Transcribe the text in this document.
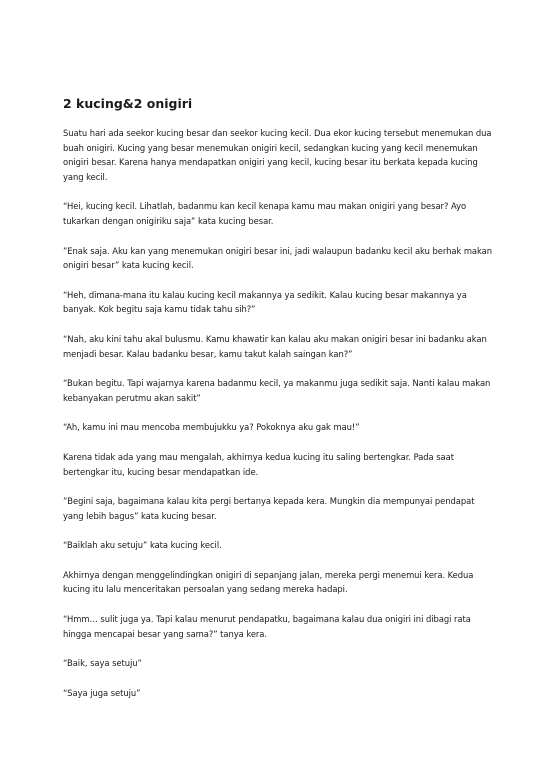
2 kucing&2 onigiri

Suatu hari ada seekor kucing besar dan seekor kucing kecil. Dua ekor kucing tersebut menemukan dua buah onigiri. Kucing yang besar menemukan onigiri kecil, sedangkan kucing yang kecil menemukan onigiri besar. Karena hanya mendapatkan onigiri yang kecil, kucing besar itu berkata kepada kucing yang kecil.

“Hei, kucing kecil. Lihatlah, badanmu kan kecil kenapa kamu mau makan onigiri yang besar? Ayo tukarkan dengan onigiriku saja” kata kucing besar.

”Enak saja. Aku kan yang menemukan onigiri besar ini, jadi walaupun badanku kecil aku berhak makan onigiri besar” kata kucing kecil.

“Heh, dimana-mana itu kalau kucing kecil makannya ya sedikit. Kalau kucing besar makannya ya banyak. Kok begitu saja kamu tidak tahu sih?”

“Nah, aku kini tahu akal bulusmu. Kamu khawatir kan kalau aku makan onigiri besar ini badanku akan menjadi besar. Kalau badanku besar, kamu takut kalah saingan kan?”

“Bukan begitu. Tapi wajarnya karena badanmu kecil, ya makanmu juga sedikit saja. Nanti kalau makan kebanyakan perutmu akan sakit”

“Ah, kamu ini mau mencoba membujukku ya? Pokoknya aku gak mau!”

Karena tidak ada yang mau mengalah, akhirnya kedua kucing itu saling bertengkar. Pada saat bertengkar itu, kucing besar mendapatkan ide.

”Begini saja, bagaimana kalau kita pergi bertanya kepada kera. Mungkin dia mempunyai pendapat yang lebih bagus” kata kucing besar.

“Baiklah aku setuju” kata kucing kecil.

Akhirnya dengan menggelindingkan onigiri di sepanjang jalan, mereka pergi menemui kera. Kedua kucing itu lalu menceritakan persoalan yang sedang mereka hadapi.

“Hmm… sulit juga ya. Tapi kalau menurut pendapatku, bagaimana kalau dua onigiri ini dibagi rata hingga mencapai besar yang sama?” tanya kera.

“Baik, saya setuju”

“Saya juga setuju”
